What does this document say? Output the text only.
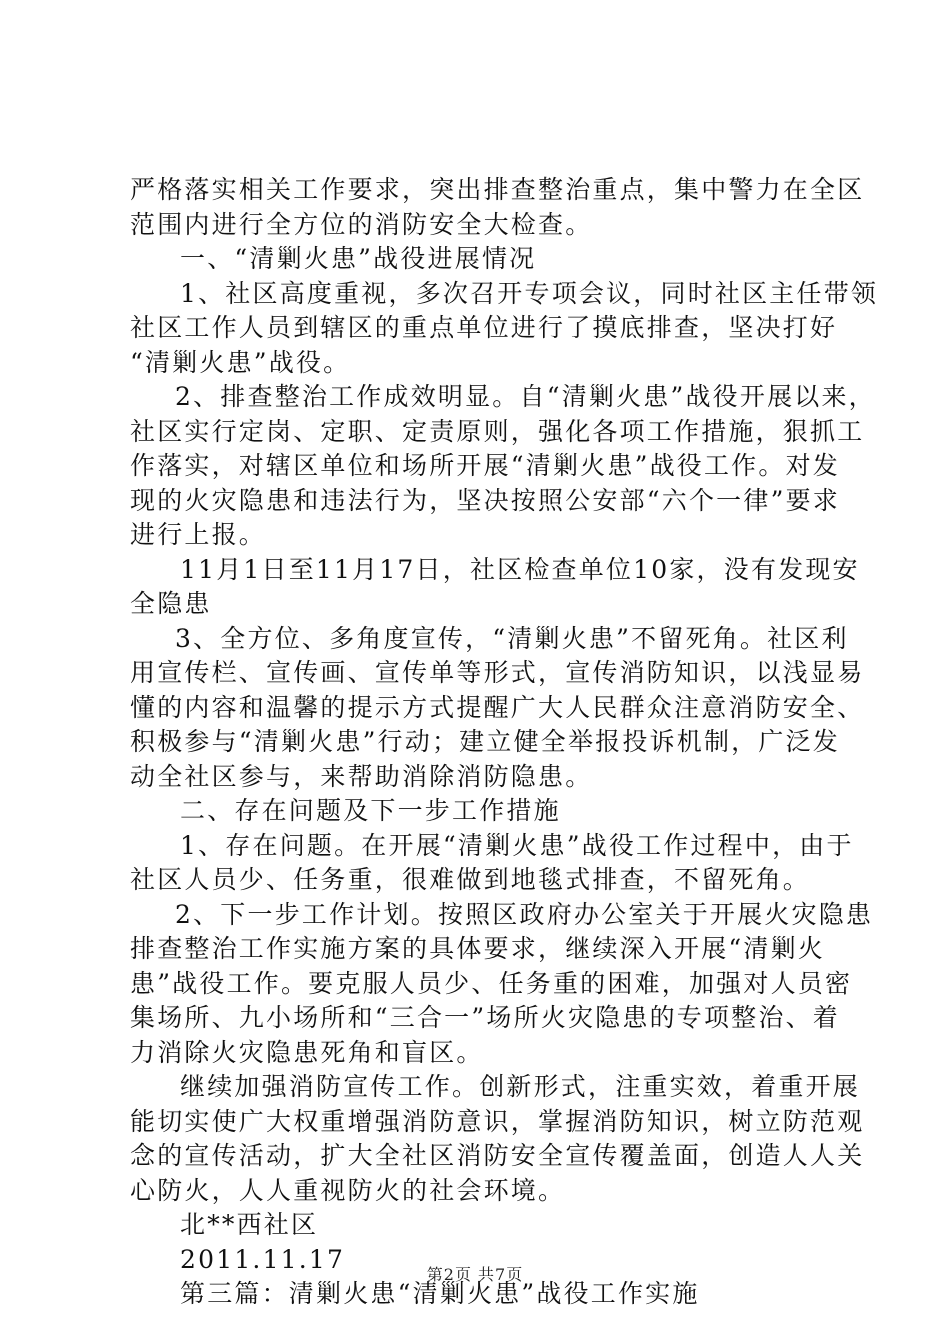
严格落实相关工作要求，突出排查整治重点，集中警力在全区
范围内进行全方位的消防安全大检查。
一、“清剿火患”战役进展情况
1、社区高度重视，多次召开专项会议，同时社区主任带领
社区工作人员到辖区的重点单位进行了摸底排查，坚决打好
“清剿火患”战役。
2、排查整治工作成效明显。自“清剿火患”战役开展以来，
社区实行定岗、定职、定责原则，强化各项工作措施，狠抓工
作落实，对辖区单位和场所开展“清剿火患”战役工作。对发
现的火灾隐患和违法行为，坚决按照公安部“六个一律”要求
进行上报。
11月1日至11月17日，社区检查单位10家，没有发现安
全隐患
3、全方位、多角度宣传，“清剿火患”不留死角。社区利
用宣传栏、宣传画、宣传单等形式，宣传消防知识，以浅显易
懂的内容和温馨的提示方式提醒广大人民群众注意消防安全、
积极参与“清剿火患”行动；建立健全举报投诉机制，广泛发
动全社区参与，来帮助消除消防隐患。
二、存在问题及下一步工作措施
1、存在问题。在开展“清剿火患”战役工作过程中，由于
社区人员少、任务重，很难做到地毯式排查，不留死角。
2、下一步工作计划。按照区政府办公室关于开展火灾隐患
排查整治工作实施方案的具体要求，继续深入开展“清剿火
患”战役工作。要克服人员少、任务重的困难，加强对人员密
集场所、九小场所和“三合一”场所火灾隐患的专项整治、着
力消除火灾隐患死角和盲区。
继续加强消防宣传工作。创新形式，注重实效，着重开展
能切实使广大权重增强消防意识，掌握消防知识，树立防范观
念的宣传活动，扩大全社区消防安全宣传覆盖面，创造人人关
心防火，人人重视防火的社会环境。
北**西社区
2011.11.17
第三篇：清剿火患“清剿火患”战役工作实施
第2页 共7页
